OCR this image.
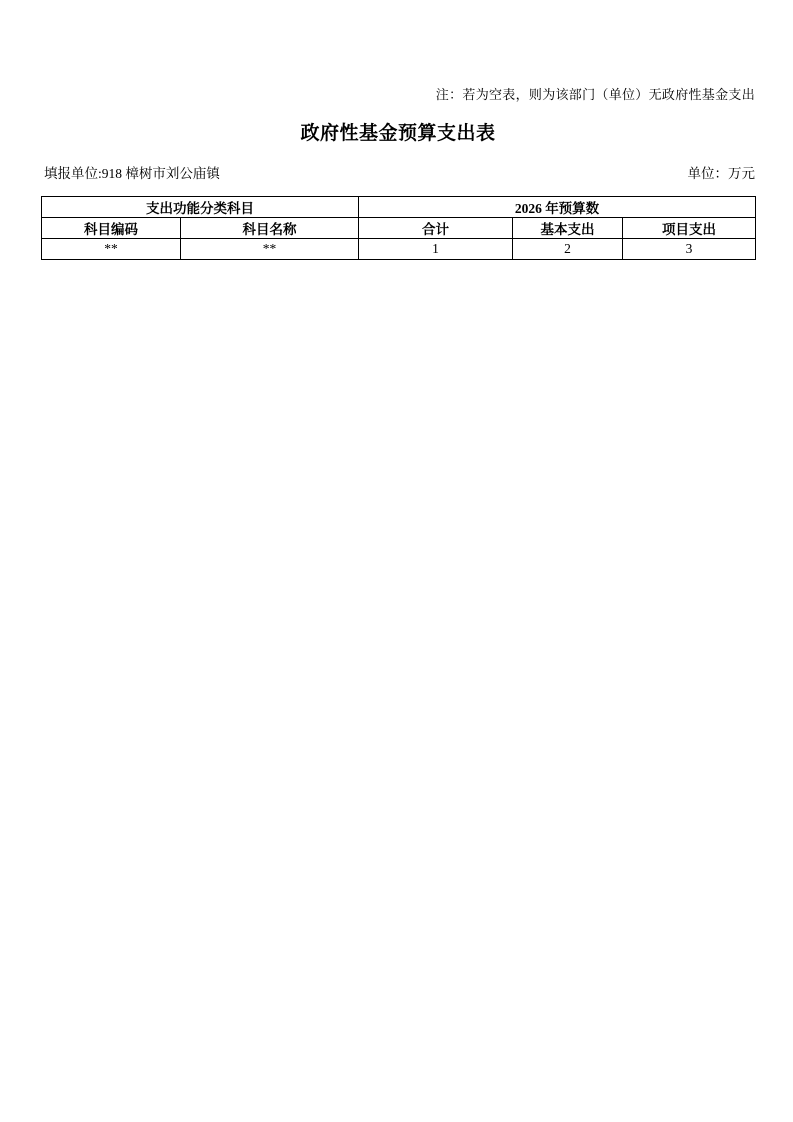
注：若为空表，则为该部门（单位）无政府性基金支出
政府性基金预算支出表
填报单位:918 樟树市刘公庙镇	单位：万元
支出功能分类科目		2026 年预算数		
科目编码	科目名称	合计	基本支出	项目支出
**	**	1	2	3
